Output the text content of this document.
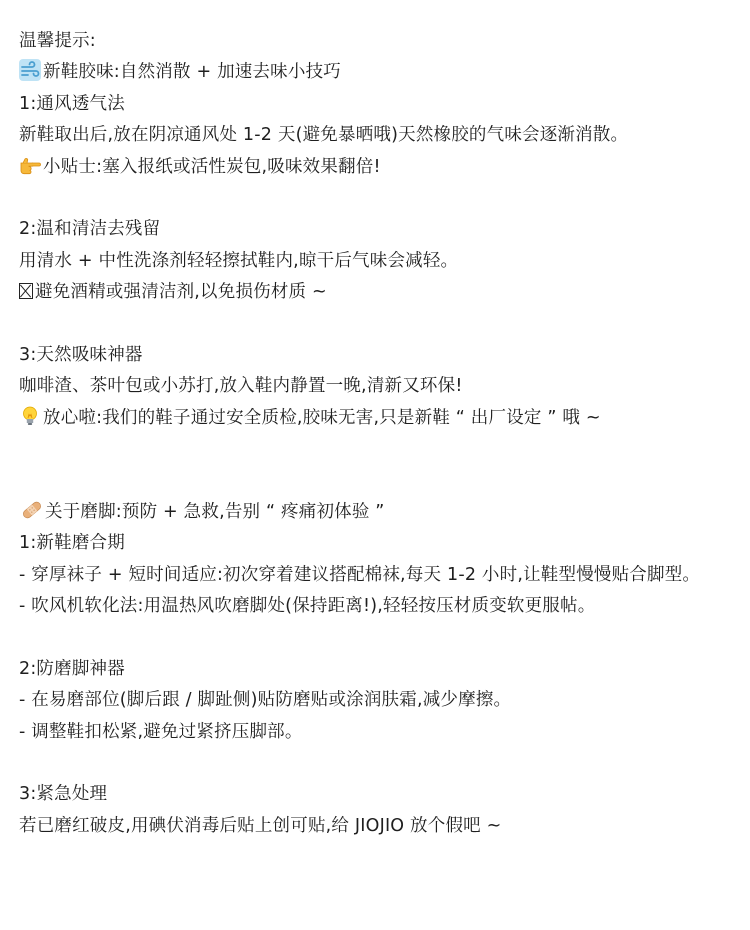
温馨提示:
新鞋胶味:自然消散 + 加速去味小技巧
1:通风透气法
新鞋取出后,放在阴凉通风处 1-2 天(避免暴晒哦)天然橡胶的气味会逐渐消散。
小贴士:塞入报纸或活性炭包,吸味效果翻倍!
2:温和清洁去残留
用清水 + 中性洗涤剂轻轻擦拭鞋内,晾干后气味会减轻。
避免酒精或强清洁剂,以免损伤材质 ~
3:天然吸味神器
咖啡渣、茶叶包或小苏打,放入鞋内静置一晚,清新又环保!
放心啦:我们的鞋子通过安全质检,胶味无害,只是新鞋 “ 出厂设定 ” 哦 ~
关于磨脚:预防 + 急救,告别 “ 疼痛初体验 ”
1:新鞋磨合期
- 穿厚袜子 + 短时间适应:初次穿着建议搭配棉袜,每天 1-2 小时,让鞋型慢慢贴合脚型。
- 吹风机软化法:用温热风吹磨脚处(保持距离!),轻轻按压材质变软更服帖。
2:防磨脚神器
- 在易磨部位(脚后跟 / 脚趾侧)贴防磨贴或涂润肤霜,减少摩擦。
- 调整鞋扣松紧,避免过紧挤压脚部。
3:紧急处理
若已磨红破皮,用碘伏消毒后贴上创可贴,给 JIOJIO 放个假吧 ~
